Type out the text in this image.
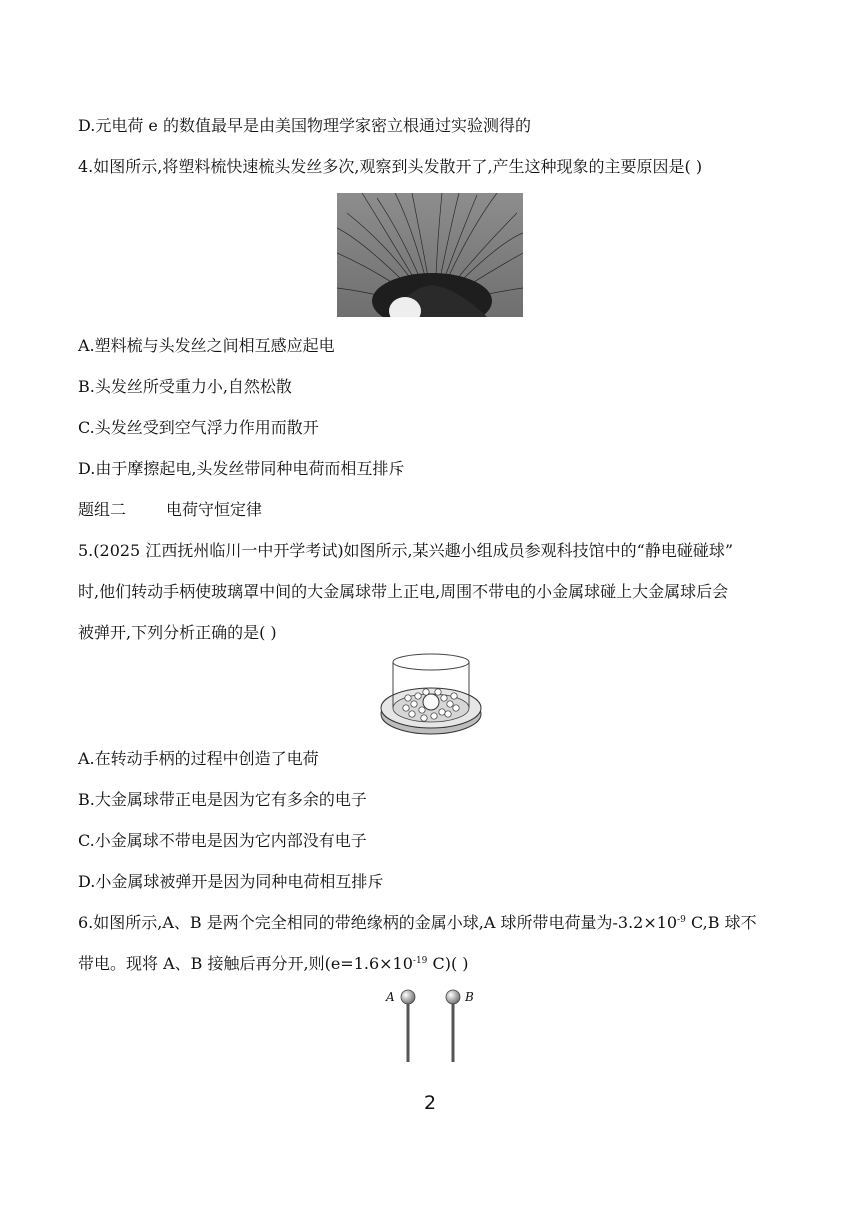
D.元电荷 e 的数值最早是由美国物理学家密立根通过实验测得的
4.如图所示,将塑料梳快速梳头发丝多次,观察到头发散开了,产生这种现象的主要原因是( )
A.塑料梳与头发丝之间相互感应起电
B.头发丝所受重力小,自然松散
C.头发丝受到空气浮力作用而散开
D.由于摩擦起电,头发丝带同种电荷而相互排斥
题组二 电荷守恒定律
5.(2025 江西抚州临川一中开学考试)如图所示,某兴趣小组成员参观科技馆中的“静电碰碰球”
时,他们转动手柄使玻璃罩中间的大金属球带上正电,周围不带电的小金属球碰上大金属球后会
被弹开,下列分析正确的是( )
A.在转动手柄的过程中创造了电荷
B.大金属球带正电是因为它有多余的电子
C.小金属球不带电是因为它内部没有电子
D.小金属球被弹开是因为同种电荷相互排斥
6.如图所示,A、B 是两个完全相同的带绝缘柄的金属小球,A 球所带电荷量为$-3.2\times 10^{-9}$ C,B 球不
带电。现将 A、B 接触后再分开,则($e=1.6\times 10^{-19}$ C)( )
A	B
2
